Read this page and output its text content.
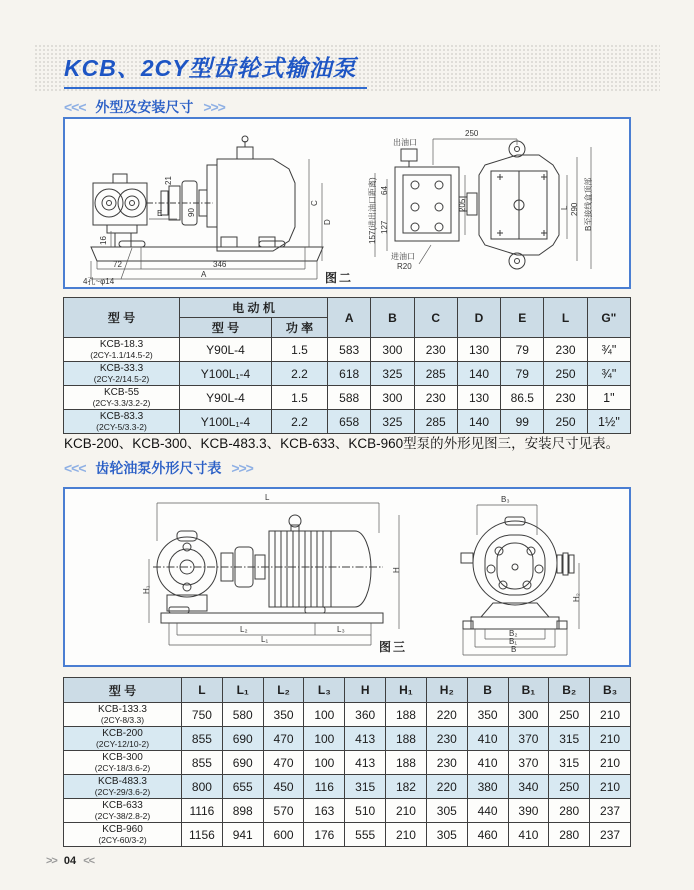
KCB、2CY型齿轮式输油泵
<<< 外型及安装尺寸 >>>
E
16
72	346
A
C
D
21
90
4孔~φ14
出油口
250
205	L 290 B至接线盒顶部
157(进出油口距离) 64
127
进油口
R20
图二
型 号	电 动 机		A	B	C	D	E	L	G"
	型 号	功 率							

KCB-18.3
(2CY-1.1/14.5-2)	Y90L-4	1.5	583	300	230	130	79	230	¾"

KCB-33.3
(2CY-2/14.5-2)	Y100L₁-4	2.2	618	325	285	140	79	250	¾"

KCB-55
(2CY-3.3/3.2-2)	Y90L-4	1.5	588	300	230	130	86.5	230	1"

KCB-83.3
(2CY-5/3.3-2)	Y100L₁-4	2.2	658	325	285	140	99	250	1½"
KCB-200、KCB-300、KCB-483.3、KCB-633、KCB-960型泵的外形见图三，安装尺寸见表。
<<< 齿轮油泵外形尺寸表 >>>
L
H₁
L₂	L₃
L₁
H
B₃
H₂
B₂
B₁
B
图三
型 号	L	L₁	L₂	L₃	H	H₁	H₂	B	B₁	B₂	B₃

KCB-133.3
(2CY-8/3.3)	750	580	350	100	360	188	220	350	300	250	210

KCB-200
(2CY-12/10-2)	855	690	470	100	413	188	230	410	370	315	210

KCB-300
(2CY-18/3.6-2)	855	690	470	100	413	188	230	410	370	315	210

KCB-483.3
(2CY-29/3.6-2)	800	655	450	116	315	182	220	380	340	250	210

KCB-633
(2CY-38/2.8-2)	1116	898	570	163	510	210	305	440	390	280	237

KCB-960
(2CY-60/3-2)	1156	941	600	176	555	210	305	460	410	280	237
>> 04 <<
